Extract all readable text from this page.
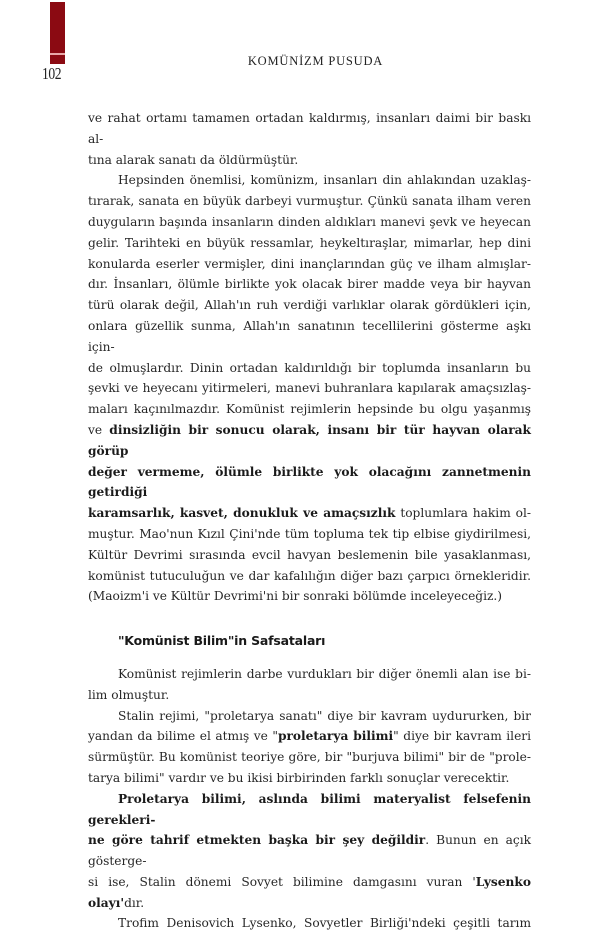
102
KOMÜNİZM PUSUDA

ve rahat ortamı tamamen ortadan kaldırmış, insanları daimi bir baskı al-
tına alarak sanatı da öldürmüştür.

Hepsinden önemlisi, komünizm, insanları din ahlakından uzaklaş-
tırarak, sanata en büyük darbeyi vurmuştur. Çünkü sanata ilham veren
duyguların başında insanların dinden aldıkları manevi şevk ve heyecan
gelir. Tarihteki en büyük ressamlar, heykeltıraşlar, mimarlar, hep dini
konularda eserler vermişler, dini inançlarından güç ve ilham almışlar-
dır. İnsanları, ölümle birlikte yok olacak birer madde veya bir hayvan
türü olarak değil, Allah'ın ruh verdiği varlıklar olarak gördükleri için,
onlara güzellik sunma, Allah'ın sanatının tecellilerini gösterme aşkı için-
de olmuşlardır. Dinin ortadan kaldırıldığı bir toplumda insanların bu
şevki ve heyecanı yitirmeleri, manevi buhranlara kapılarak amaçsızlaş-
maları kaçınılmazdır. Komünist rejimlerin hepsinde bu olgu yaşanmış
ve dinsizliğin bir sonucu olarak, insanı bir tür hayvan olarak görüp
değer vermeme, ölümle birlikte yok olacağını zannetmenin getirdiği
karamsarlık, kasvet, donukluk ve amaçsızlık toplumlara hakim ol-
muştur. Mao'nun Kızıl Çini'nde tüm topluma tek tip elbise giydirilmesi,
Kültür Devrimi sırasında evcil havyan beslemenin bile yasaklanması,
komünist tutuculuğun ve dar kafalılığın diğer bazı çarpıcı örnekleridir.
(Maoizm'i ve Kültür Devrimi'ni bir sonraki bölümde inceleyeceğiz.)

"Komünist Bilim"in Safsataları

Komünist rejimlerin darbe vurdukları bir diğer önemli alan ise bi-
lim olmuştur.

Stalin rejimi, "proletarya sanatı" diye bir kavram uydururken, bir
yandan da bilime el atmış ve "proletarya bilimi" diye bir kavram ileri
sürmüştür. Bu komünist teoriye göre, bir "burjuva bilimi" bir de "prole-
tarya bilimi" vardır ve bu ikisi birbirinden farklı sonuçlar verecektir.

Proletarya bilimi, aslında bilimi materyalist felsefenin gerekleri-
ne göre tahrif etmekten başka bir şey değildir. Bunun en açık gösterge-
si ise, Stalin dönemi Sovyet bilimine damgasını vuran 'Lysenko
olayı'dır.

Trofim Denisovich Lysenko, Sovyetler Birliği'ndeki çeşitli tarım
